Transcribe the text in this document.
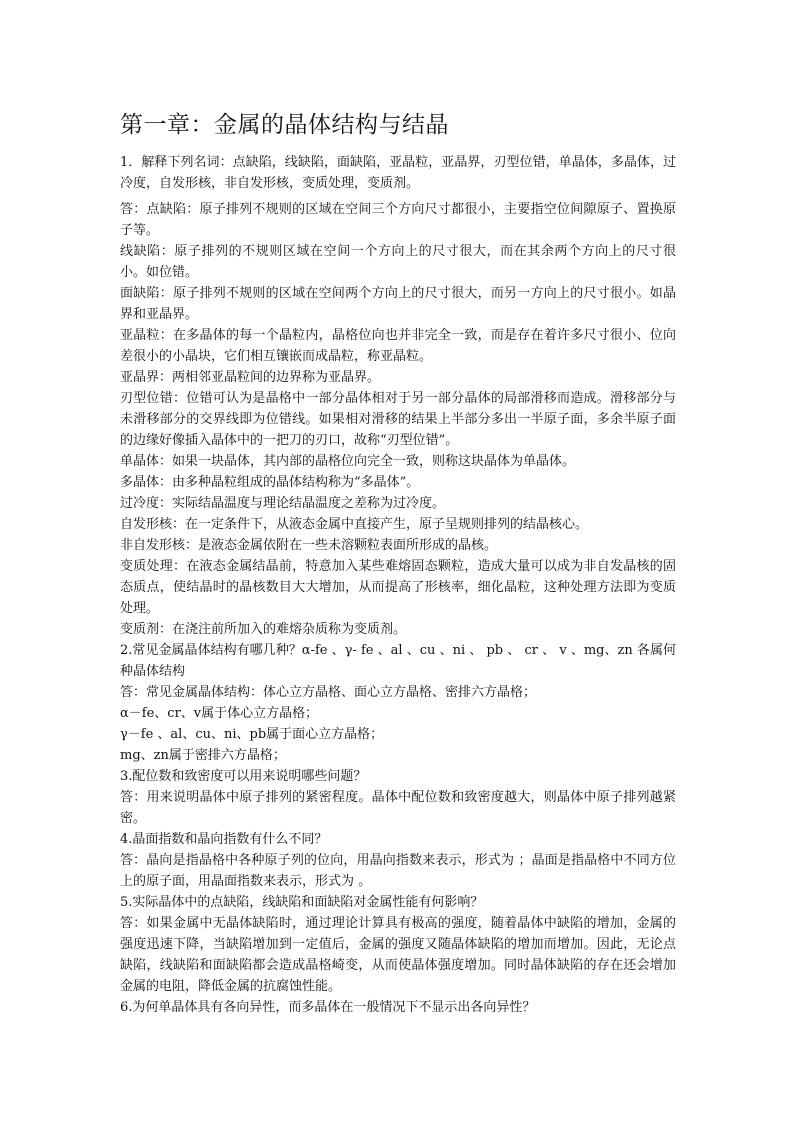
第一章：金属的晶体结构与结晶

1．解释下列名词：点缺陷，线缺陷，面缺陷，亚晶粒，亚晶界，刃型位错，单晶体，多晶体，过冷度，自发形核，非自发形核，变质处理，变质剂。

答：点缺陷：原子排列不规则的区域在空间三个方向尺寸都很小，主要指空位间隙原子、置换原子等。

线缺陷：原子排列的不规则区域在空间一个方向上的尺寸很大，而在其余两个方向上的尺寸很小。如位错。

面缺陷：原子排列不规则的区域在空间两个方向上的尺寸很大，而另一方向上的尺寸很小。如晶界和亚晶界。

亚晶粒：在多晶体的每一个晶粒内，晶格位向也并非完全一致，而是存在着许多尺寸很小、位向差很小的小晶块，它们相互镶嵌而成晶粒，称亚晶粒。

亚晶界：两相邻亚晶粒间的边界称为亚晶界。

刃型位错：位错可认为是晶格中一部分晶体相对于另一部分晶体的局部滑移而造成。滑移部分与未滑移部分的交界线即为位错线。如果相对滑移的结果上半部分多出一半原子面，多余半原子面的边缘好像插入晶体中的一把刀的刃口，故称“刃型位错”。

单晶体：如果一块晶体，其内部的晶格位向完全一致，则称这块晶体为单晶体。

多晶体：由多种晶粒组成的晶体结构称为“多晶体”。

过冷度：实际结晶温度与理论结晶温度之差称为过冷度。

自发形核：在一定条件下，从液态金属中直接产生，原子呈规则排列的结晶核心。

非自发形核：是液态金属依附在一些未溶颗粒表面所形成的晶核。

变质处理：在液态金属结晶前，特意加入某些难熔固态颗粒，造成大量可以成为非自发晶核的固态质点，使结晶时的晶核数目大大增加，从而提高了形核率，细化晶粒，这种处理方法即为变质处理。

变质剂：在浇注前所加入的难熔杂质称为变质剂。

2.常见金属晶体结构有哪几种？α-fe 、γ- fe 、al 、cu 、ni 、 pb 、 cr 、 v 、mg、zn 各属何种晶体结构

答：常见金属晶体结构：体心立方晶格、面心立方晶格、密排六方晶格；

α－fe、cr、v属于体心立方晶格；

γ－fe 、al、cu、ni、pb属于面心立方晶格；

mg、zn属于密排六方晶格；

3.配位数和致密度可以用来说明哪些问题？

答：用来说明晶体中原子排列的紧密程度。晶体中配位数和致密度越大，则晶体中原子排列越紧密。

4.晶面指数和晶向指数有什么不同？

答：晶向是指晶格中各种原子列的位向，用晶向指数来表示，形式为 ；晶面是指晶格中不同方位上的原子面，用晶面指数来表示，形式为 。

5.实际晶体中的点缺陷，线缺陷和面缺陷对金属性能有何影响？

答：如果金属中无晶体缺陷时，通过理论计算具有极高的强度，随着晶体中缺陷的增加，金属的强度迅速下降，当缺陷增加到一定值后，金属的强度又随晶体缺陷的增加而增加。因此，无论点缺陷，线缺陷和面缺陷都会造成晶格崎变，从而使晶体强度增加。同时晶体缺陷的存在还会增加金属的电阻，降低金属的抗腐蚀性能。

6.为何单晶体具有各向异性，而多晶体在一般情况下不显示出各向异性？
